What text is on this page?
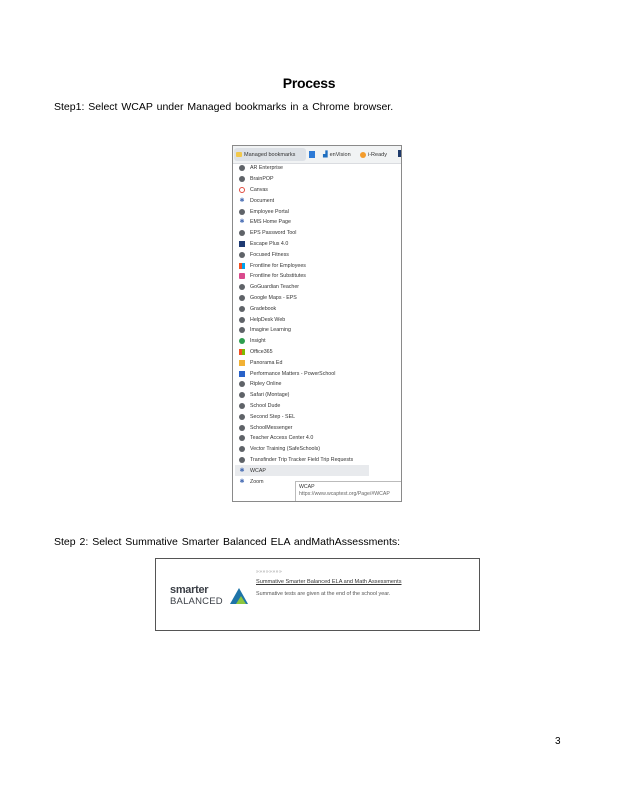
Process
Step1: Select WCAP under Managed bookmarks in a Chrome browser.
Managed bookmarks	▟ enVision	i-Ready
AR Enterprise
BrainPOP
Canvas
✱ Document
Employee Portal
✱ EMS Home Page
EPS Password Tool
Escape Plus 4.0
Focused Fitness
Frontline for Employees
Frontline for Substitutes
GoGuardian Teacher
Google Maps - EPS
Gradebook
HelpDesk Web
Imagine Learning
Insight
Office365
Panorama Ed
Performance Matters - PowerSchool
Ripley Online
Safari (Montage)
School Dude
Second Step - SEL
SchoolMessenger
Teacher Access Center 4.0
Vector Training (SafeSchools)
Transfinder Trip Tracker Field Trip Requests
✱ WCAP
✱ Zoom
WCAP
https://www.wcaptest.org/Page/#WCAP
Step 2: Select Summative Smarter Balanced ELA andMathAssessments:
smarter
BALANCED
»»»»»»»»
Summative Smarter Balanced ELA and Math Assessments
Summative tests are given at the end of the school year.
3
